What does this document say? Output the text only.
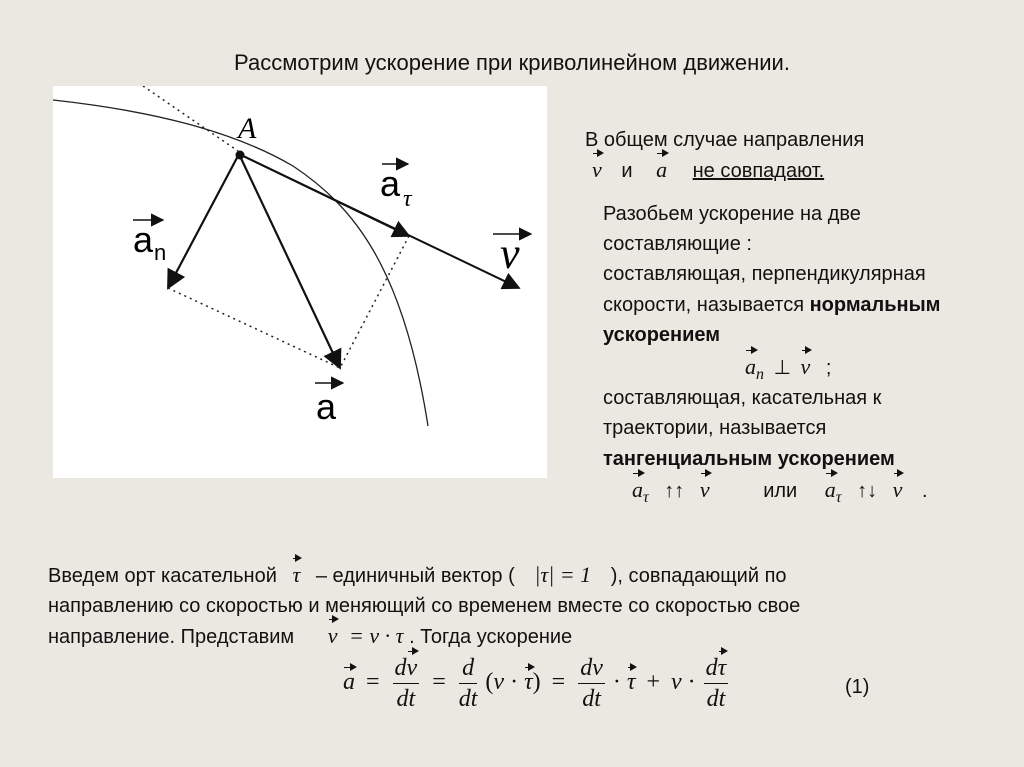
Рассмотрим ускорение при криволинейном движении.
A
a τ
v
a n
a
В общем случае направления
v и a не совпадают.
Разобьем ускорение на две
составляющие :
составляющая, перпендикулярная
скорости, называется нормальным
ускорением
$a_n$ ⊥ v ;
составляющая, касательная к
траектории, называется
тангенциальным ускорением
$a_\tau$ ↑↑ v	или $a_\tau$ ↑↓ v .
Введем орт касательной τ – единичный вектор ( |τ| = 1 ), совпадающий по
направлению со скоростью и меняющий со временем вместе со скоростью свое
направление. Представим v = v · τ . Тогда ускорение
$a = \frac{dv}{dt} = \frac{d}{dt} (v \cdot \tau) = \frac{dv}{dt} \cdot \tau + v \cdot \frac{d\tau}{dt}$	(1)
